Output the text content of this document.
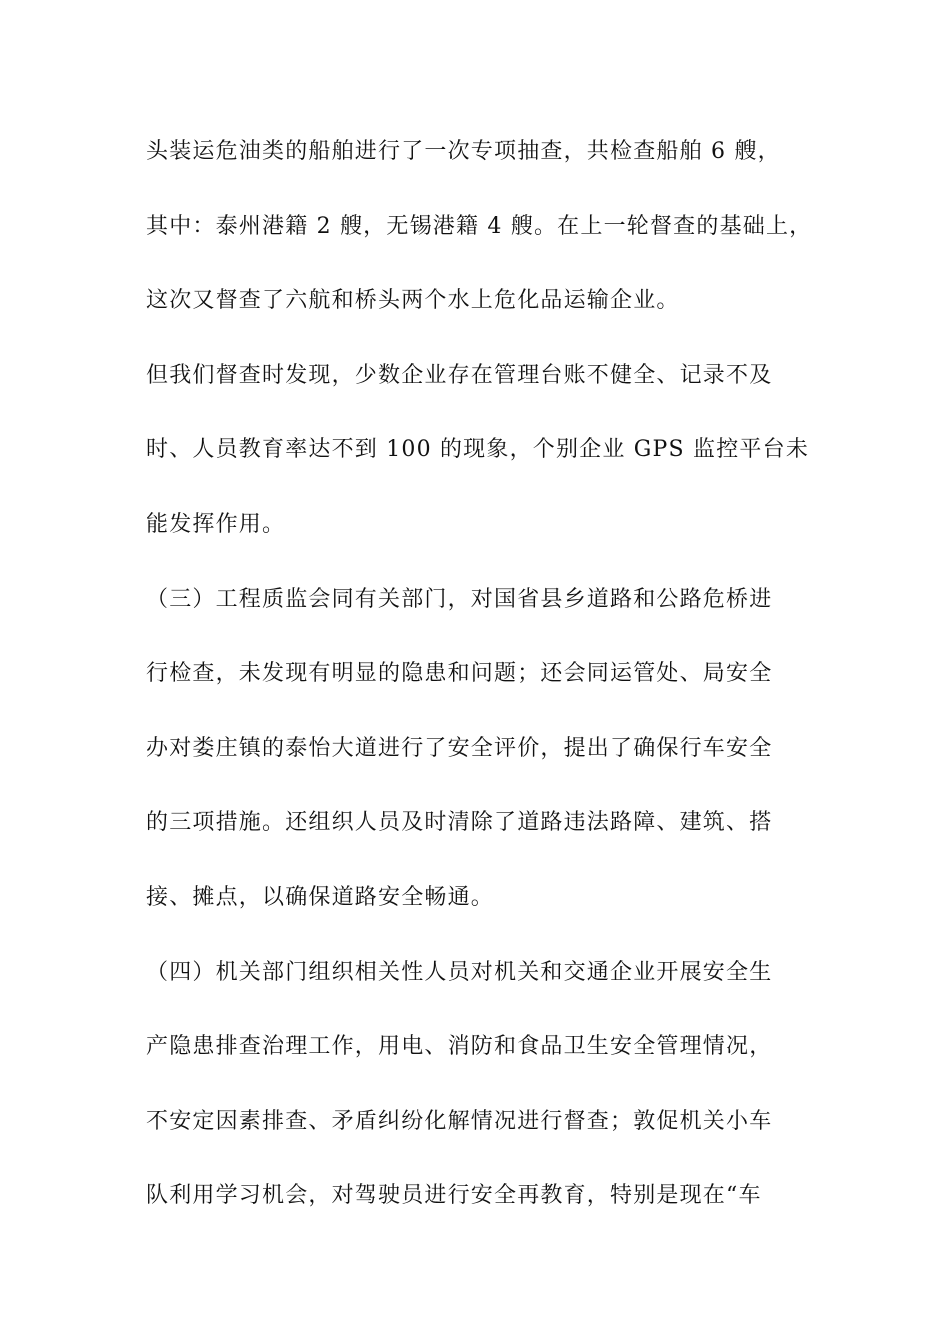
头装运危油类的船舶进行了一次专项抽查，共检查船舶 6 艘，
其中：泰州港籍 2 艘，无锡港籍 4 艘。在上一轮督查的基础上，
这次又督查了六航和桥头两个水上危化品运输企业。
但我们督查时发现，少数企业存在管理台账不健全、记录不及
时、人员教育率达不到 100 的现象，个别企业 GPS 监控平台未
能发挥作用。
（三）工程质监会同有关部门，对国省县乡道路和公路危桥进
行检查，未发现有明显的隐患和问题；还会同运管处、局安全
办对娄庄镇的泰怡大道进行了安全评价，提出了确保行车安全
的三项措施。还组织人员及时清除了道路违法路障、建筑、搭
接、摊点，以确保道路安全畅通。
（四）机关部门组织相关性人员对机关和交通企业开展安全生
产隐患排查治理工作，用电、消防和食品卫生安全管理情况，
不安定因素排查、矛盾纠纷化解情况进行督查；敦促机关小车
队利用学习机会，对驾驶员进行安全再教育，特别是现在“车
